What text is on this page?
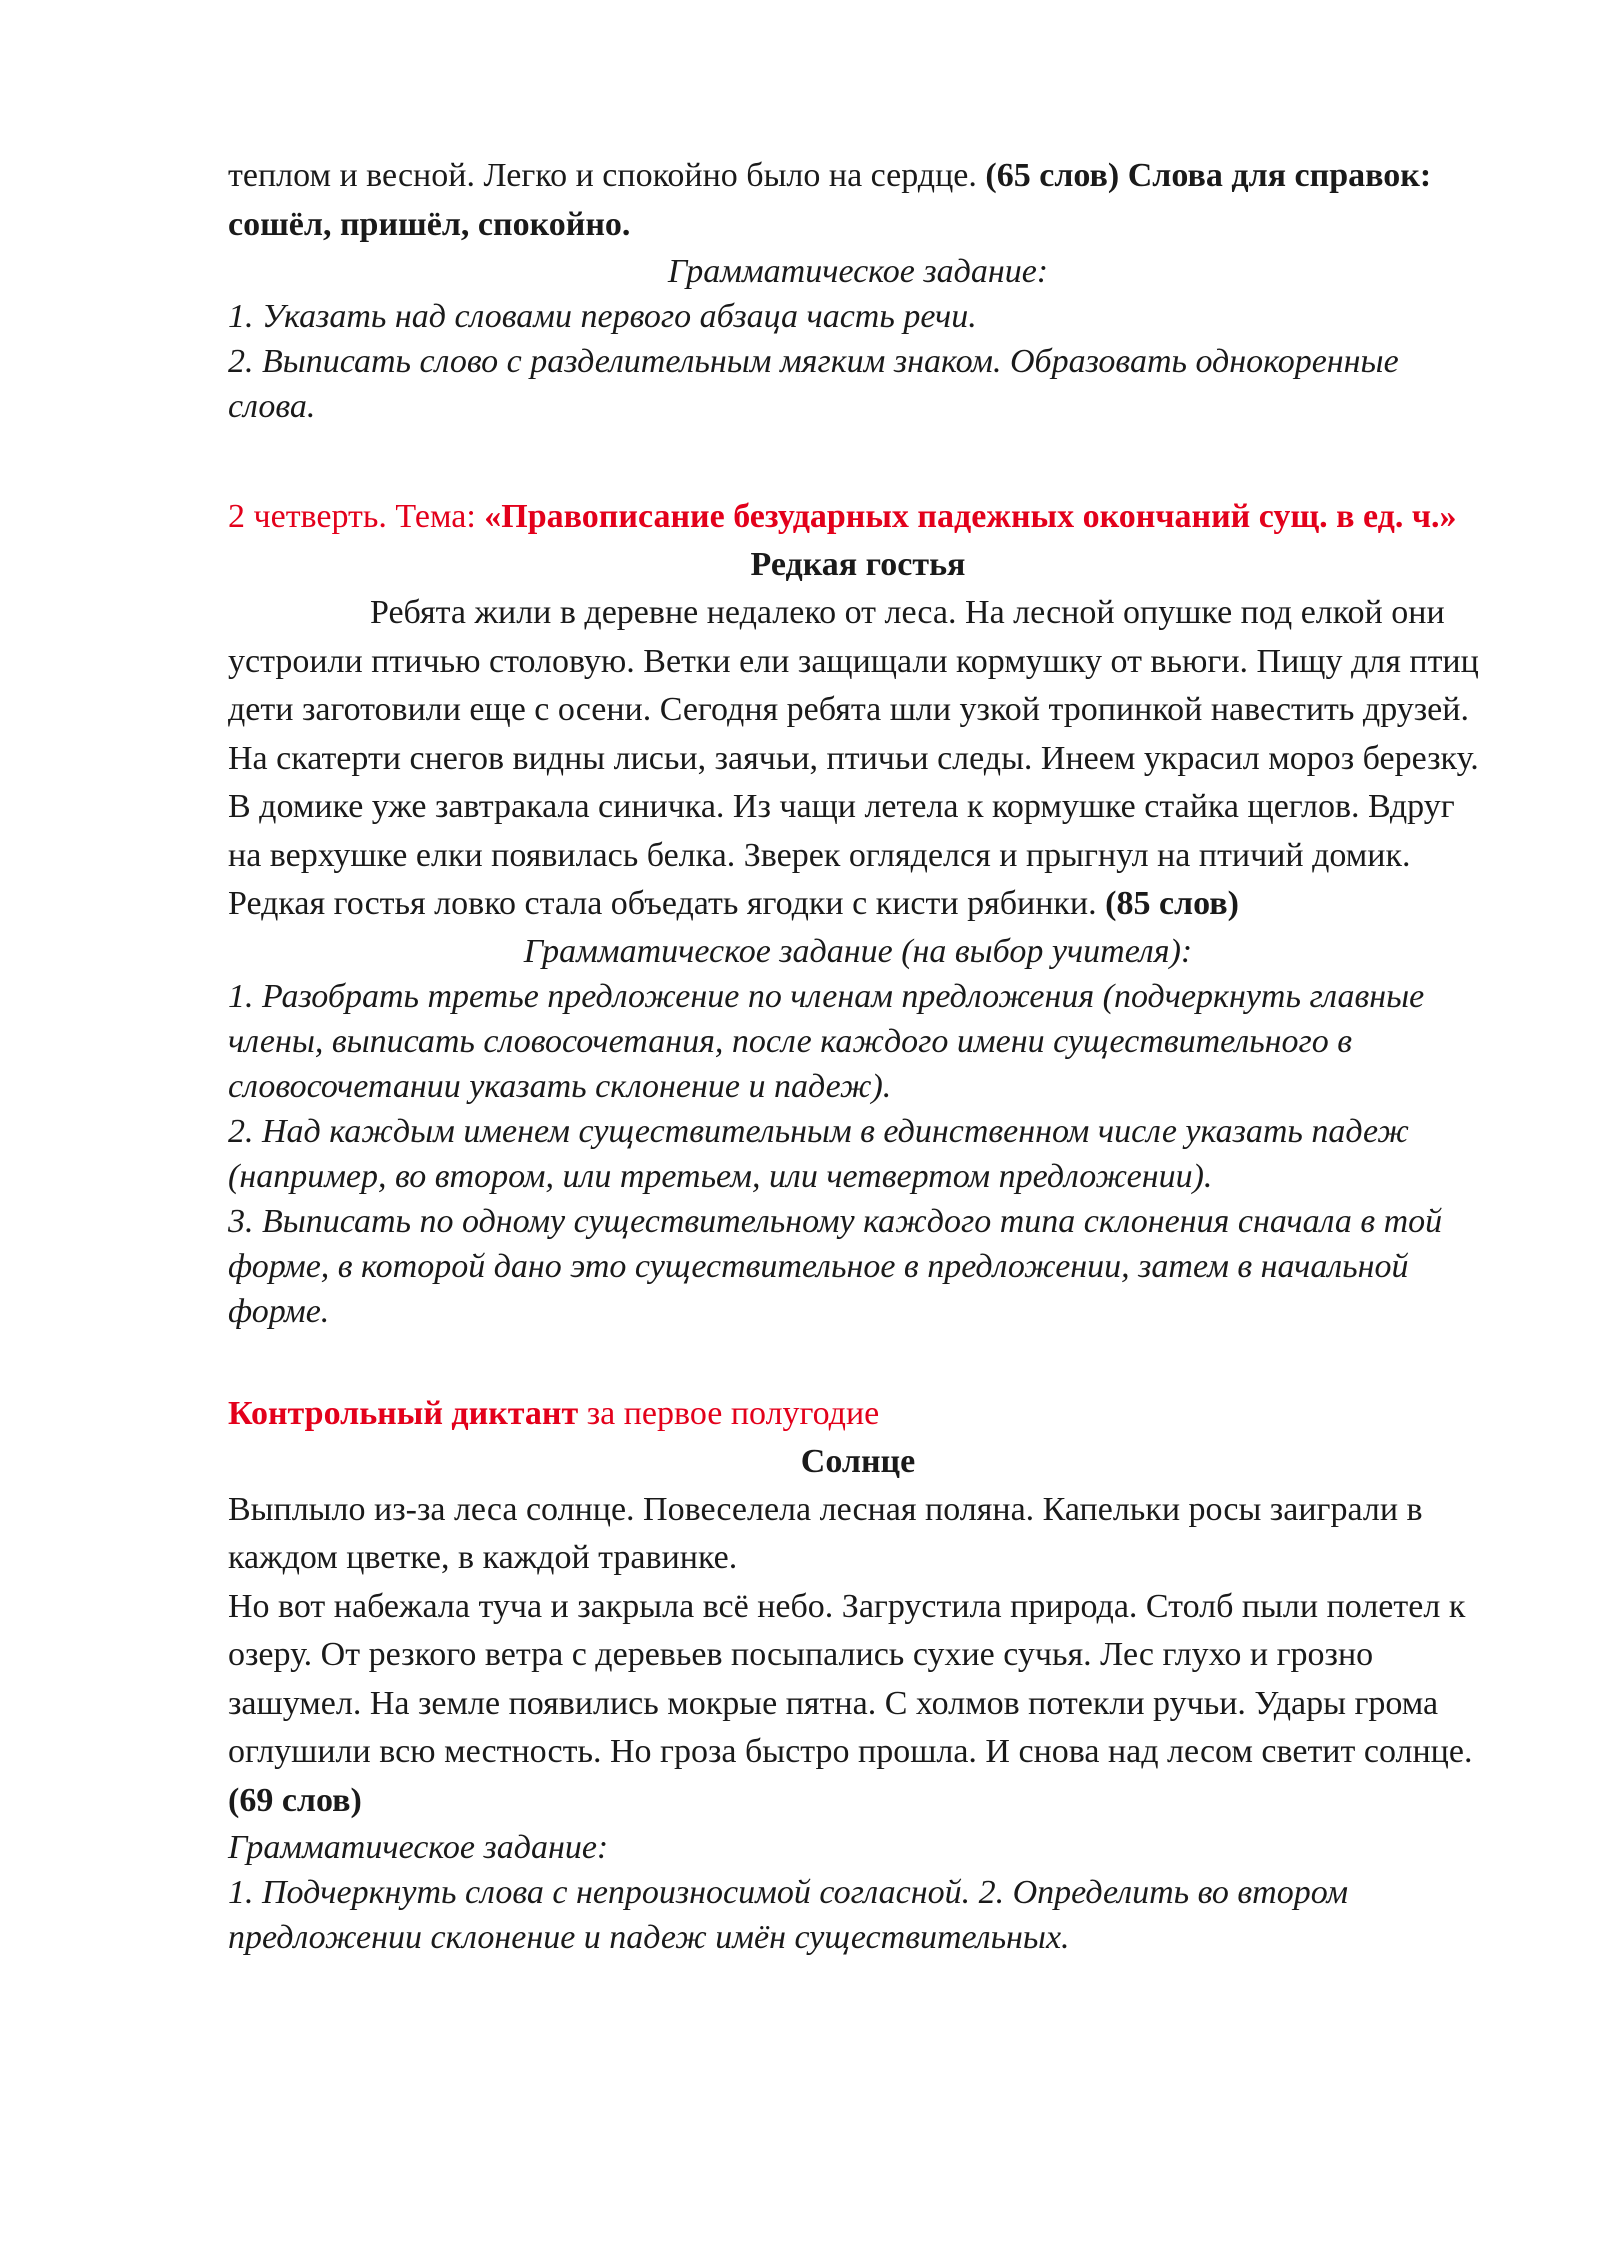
теплом и весной. Легко и спокойно было на сердце. (65 слов) Слова для справок: сошёл, пришёл, спокойно.

Грамматическое задание:

1. Указать над словами первого абзаца часть речи.

2. Выписать слово с разделительным мягким знаком. Образовать однокоренные слова.

2 четверть. Тема: «Правописание безударных падежных окончаний сущ. в ед. ч.»

Редкая гостья

Ребята жили в деревне недалеко от леса. На лесной опушке под елкой они устроили птичью столовую. Ветки ели защищали кормушку от вьюги. Пищу для птиц дети заготовили еще с осени. Сегодня ребята шли узкой тропинкой навестить друзей. На скатерти снегов видны лисьи, заячьи, птичьи следы. Инеем украсил мороз березку. В домике уже завтракала синичка. Из чащи летела к кормушке стайка щеглов. Вдруг на верхушке елки появилась белка. Зверек огляделся и прыгнул на птичий домик. Редкая гостья ловко стала объедать ягодки с кисти рябинки. (85 слов)

Грамматическое задание (на выбор учителя):

1. Разобрать третье предложение по членам предложения (подчеркнуть главные члены, выписать словосочетания, после каждого имени существительного в словосочетании указать склонение и падеж).

2. Над каждым именем существительным в единственном числе указать падеж (например, во втором, или третьем, или четвертом предложении).

3. Выписать по одному существительному каждого типа склонения сначала в той форме, в которой дано это существительное в предложении, затем в начальной форме.

Контрольный диктант за первое полугодие

Солнце

Выплыло из-за леса солнце. Повеселела лесная поляна. Капельки росы заиграли в каждом цветке, в каждой травинке.

Но вот набежала туча и закрыла всё небо. Загрустила природа. Столб пыли полетел к озеру. От резкого ветра с деревьев посыпались сухие сучья. Лес глухо и грозно зашумел. На земле появились мокрые пятна. С холмов потекли ручьи. Удары грома оглушили всю местность. Но гроза быстро прошла. И снова над лесом светит солнце. (69 слов)

Грамматическое задание:

1. Подчеркнуть слова с непроизносимой согласной. 2. Определить во втором предложении склонение и падеж имён существительных.
